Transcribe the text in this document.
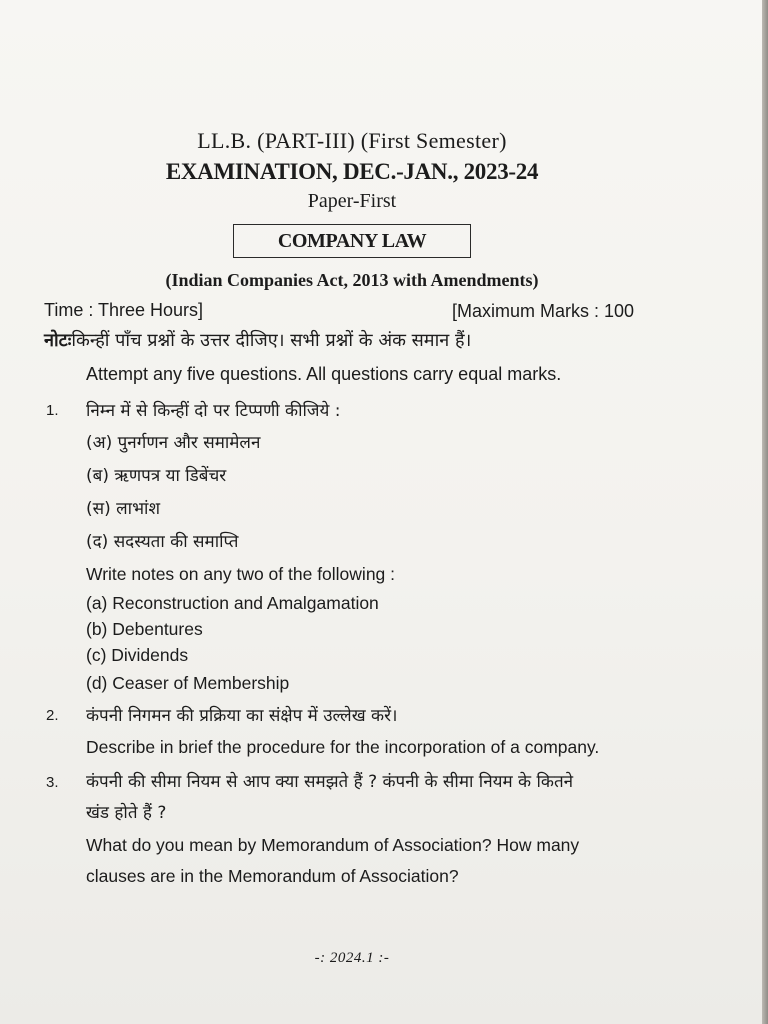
LL.B. (PART-III) (First Semester)
EXAMINATION, DEC.-JAN., 2023-24
Paper-First
COMPANY LAW
(Indian Companies Act, 2013 with Amendments)
Time : Three Hours]	[Maximum Marks : 100
नोटःकिन्हीं पाँच प्रश्नों के उत्तर दीजिए। सभी प्रश्नों के अंक समान हैं।
Attempt any five questions. All questions carry equal marks.
1. निम्न में से किन्हीं दो पर टिप्पणी कीजिये :
(अ) पुनर्गणन और समामेलन
(ब) ऋणपत्र या डिबेंचर
(स) लाभांश
(द) सदस्यता की समाप्ति
Write notes on any two of the following :
(a) Reconstruction and Amalgamation
(b) Debentures
(c) Dividends
(d) Ceaser of Membership
2. कंपनी निगमन की प्रक्रिया का संक्षेप में उल्लेख करें।
Describe in brief the procedure for the incorporation of a company.
3. कंपनी की सीमा नियम से आप क्या समझते हैं ? कंपनी के सीमा नियम के कितने
खंड होते हैं ?
What do you mean by Memorandum of Association? How many
clauses are in the Memorandum of Association?
-: 2024.1 :-
